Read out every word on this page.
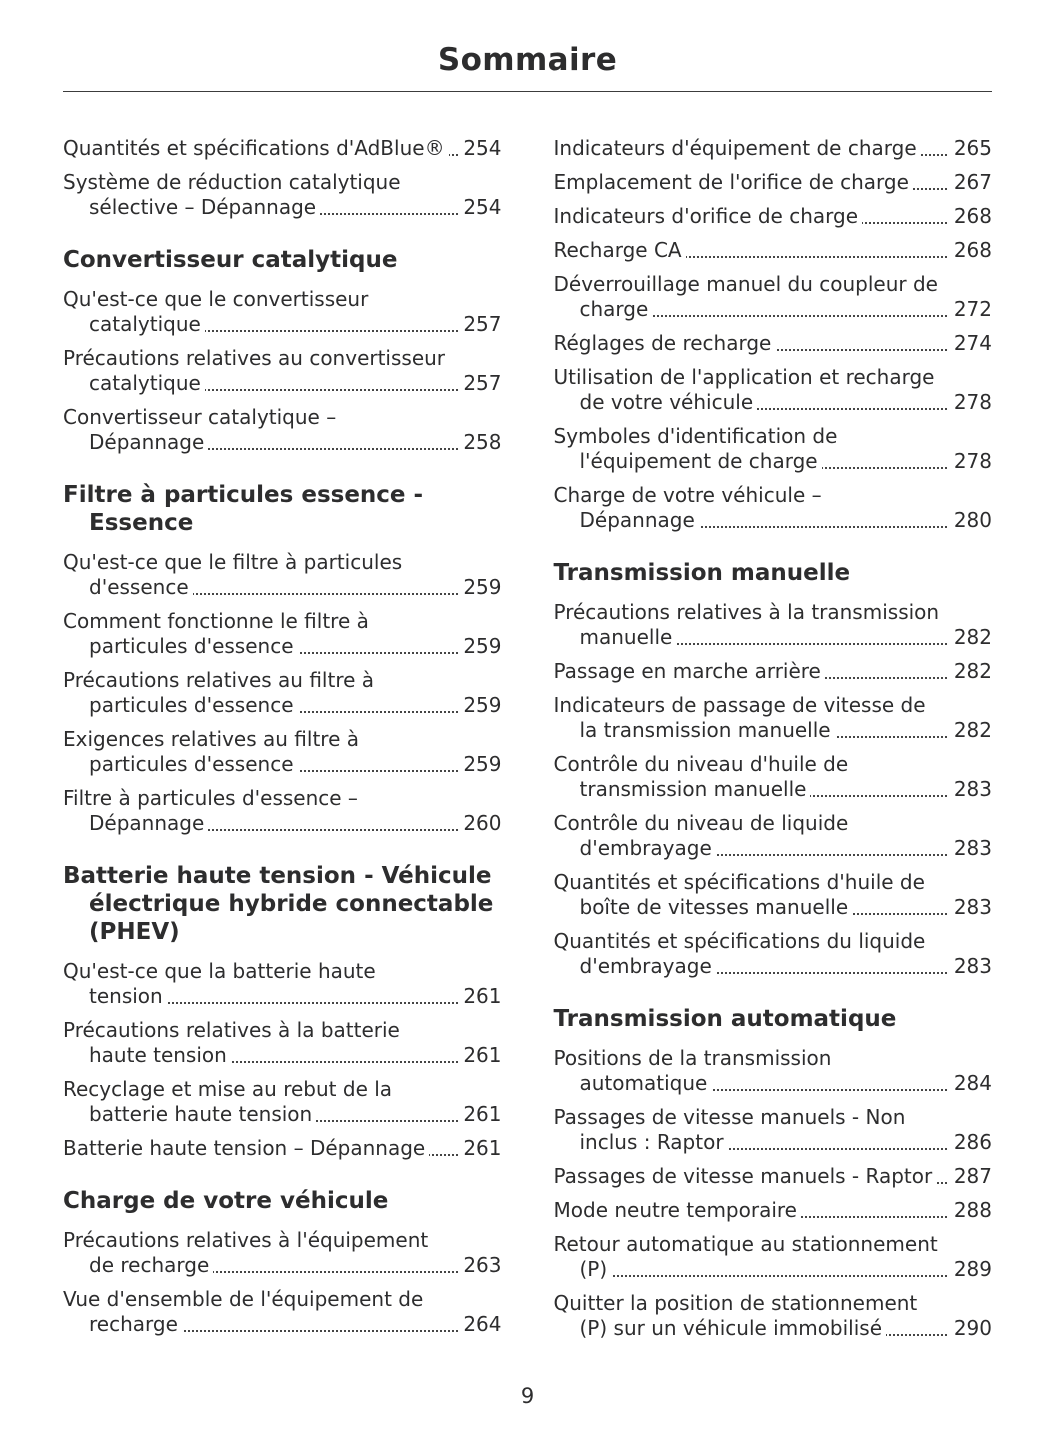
Sommaire
Quantités et spécifications d'AdBlue® 254
Système de réduction catalytique sélective – Dépannage	254
Convertisseur catalytique
Qu'est-ce que le convertisseur catalytique	257
Précautions relatives au convertisseur catalytique	257
Convertisseur catalytique – Dépannage	258
Filtre à particules essence - Essence
Qu'est-ce que le filtre à particules d'essence	259
Comment fonctionne le filtre à particules d'essence	259
Précautions relatives au filtre à particules d'essence	259
Exigences relatives au filtre à particules d'essence	259
Filtre à particules d'essence – Dépannage	260
Batterie haute tension - Véhicule électrique hybride connectable (PHEV)
Qu'est-ce que la batterie haute tension	261
Précautions relatives à la batterie haute tension	261
Recyclage et mise au rebut de la batterie haute tension	261
Batterie haute tension – Dépannage 261
Charge de votre véhicule
Précautions relatives à l'équipement de recharge	263
Vue d'ensemble de l'équipement de recharge	264
Indicateurs d'équipement de charge 265
Emplacement de l'orifice de charge 267
Indicateurs d'orifice de charge	268
Recharge CA	268
Déverrouillage manuel du coupleur de charge	272
Réglages de recharge	274
Utilisation de l'application et recharge de votre véhicule	278
Symboles d'identification de l'équipement de charge	278
Charge de votre véhicule – Dépannage	280
Transmission manuelle
Précautions relatives à la transmission manuelle	282
Passage en marche arrière	282
Indicateurs de passage de vitesse de la transmission manuelle	282
Contrôle du niveau d'huile de transmission manuelle	283
Contrôle du niveau de liquide d'embrayage	283
Quantités et spécifications d'huile de boîte de vitesses manuelle	283
Quantités et spécifications du liquide d'embrayage	283
Transmission automatique
Positions de la transmission automatique	284
Passages de vitesse manuels - Non inclus : Raptor	286
Passages de vitesse manuels - Raptor 287
Mode neutre temporaire	288
Retour automatique au stationnement (P)	289
Quitter la position de stationnement (P) sur un véhicule immobilisé	290
9
